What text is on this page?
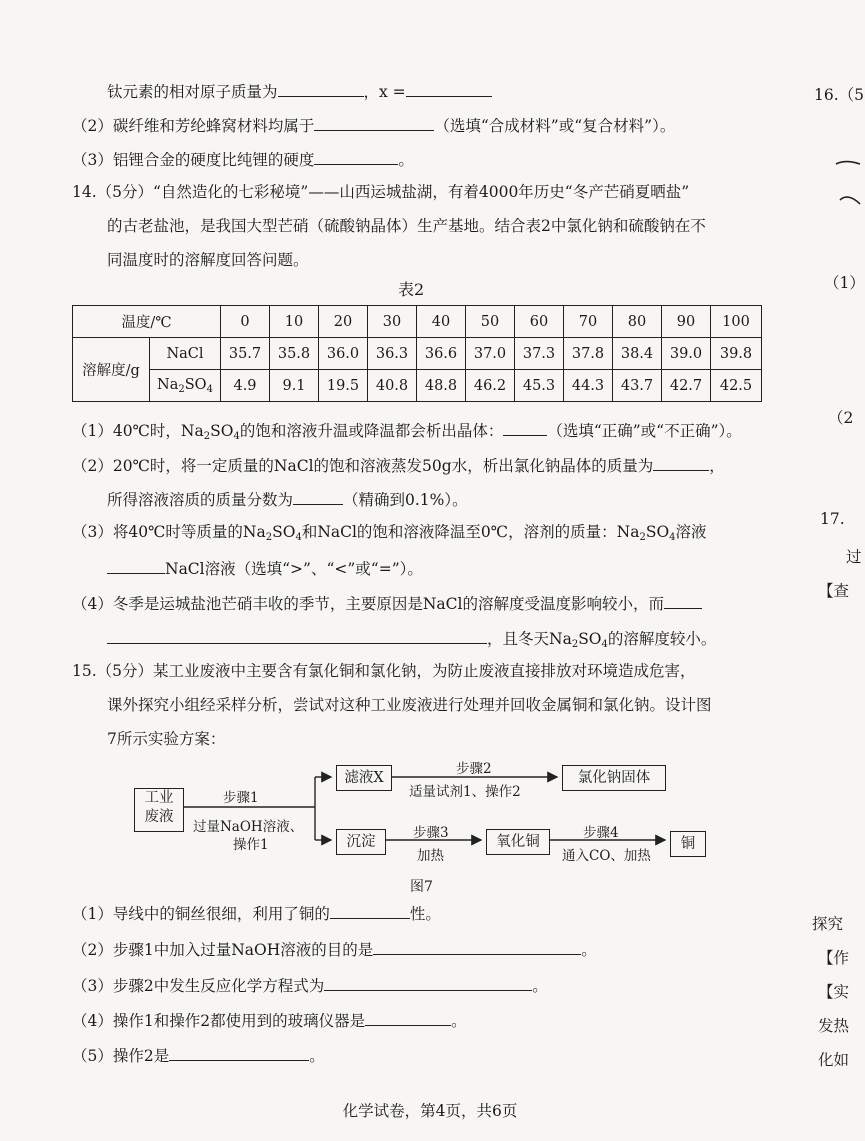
钛元素的相对原子质量为	，x =
（2）碳纤维和芳纶蜂窝材料均属于	（选填“合成材料”或“复合材料”）。
（3）铝锂合金的硬度比纯锂的硬度	。
14.（5分）“自然造化的七彩秘境”——山西运城盐湖，有着4000年历史“冬产芒硝夏晒盐”
的古老盐池，是我国大型芒硝（硫酸钠晶体）生产基地。结合表2中氯化钠和硫酸钠在不
同温度时的溶解度回答问题。
表2
温度/℃		0	10	20	30	40	50	60	70	80	90	100
溶解度/g	NaCl	35.7	35.8	36.0	36.3	36.6	37.0	37.3	37.8	38.4	39.0	39.8
	$Na_2SO_4$	4.9	9.1	19.5	40.8	48.8	46.2	45.3	44.3	43.7	42.7	42.5
（1）40℃时，$Na_2SO_4$的饱和溶液升温或降温都会析出晶体：	（选填“正确”或“不正确”）。
（2）20℃时，将一定质量的NaCl的饱和溶液蒸发50g水，析出氯化钠晶体的质量为	，
所得溶液溶质的质量分数为	（精确到0.1%）。
（3）将40℃时等质量的$Na_2SO_4$和NaCl的饱和溶液降温至0℃，溶剂的质量：$Na_2SO_4$溶液
NaCl溶液（选填“>”、“<”或“=”）。
（4）冬季是运城盐池芒硝丰收的季节，主要原因是NaCl的溶解度受温度影响较小，而
，且冬天$Na_2SO_4$的溶解度较小。
15.（5分）某工业废液中主要含有氯化铜和氯化钠，为防止废液直接排放对环境造成危害，
课外探究小组经采样分析，尝试对这种工业废液进行处理并回收金属铜和氯化钠。设计图
7所示实验方案：
工业
废液
步骤1
过量NaOH溶液、
操作1
滤液X
步骤2
适量试剂1、操作2
氯化钠固体
沉淀
步骤3
加热
氧化铜
步骤4
通入CO、加热
铜
图7
（1）导线中的铜丝很细，利用了铜的	性。
（2）步骤1中加入过量NaOH溶液的目的是	。
（3）步骤2中发生反应化学方程式为	。
（4）操作1和操作2都使用到的玻璃仪器是	。
（5）操作2是	。
化学试卷，第4页，共6页
16.（5
（1）
（2
17.
过
【查
探究
【作
【实
发热
化如
